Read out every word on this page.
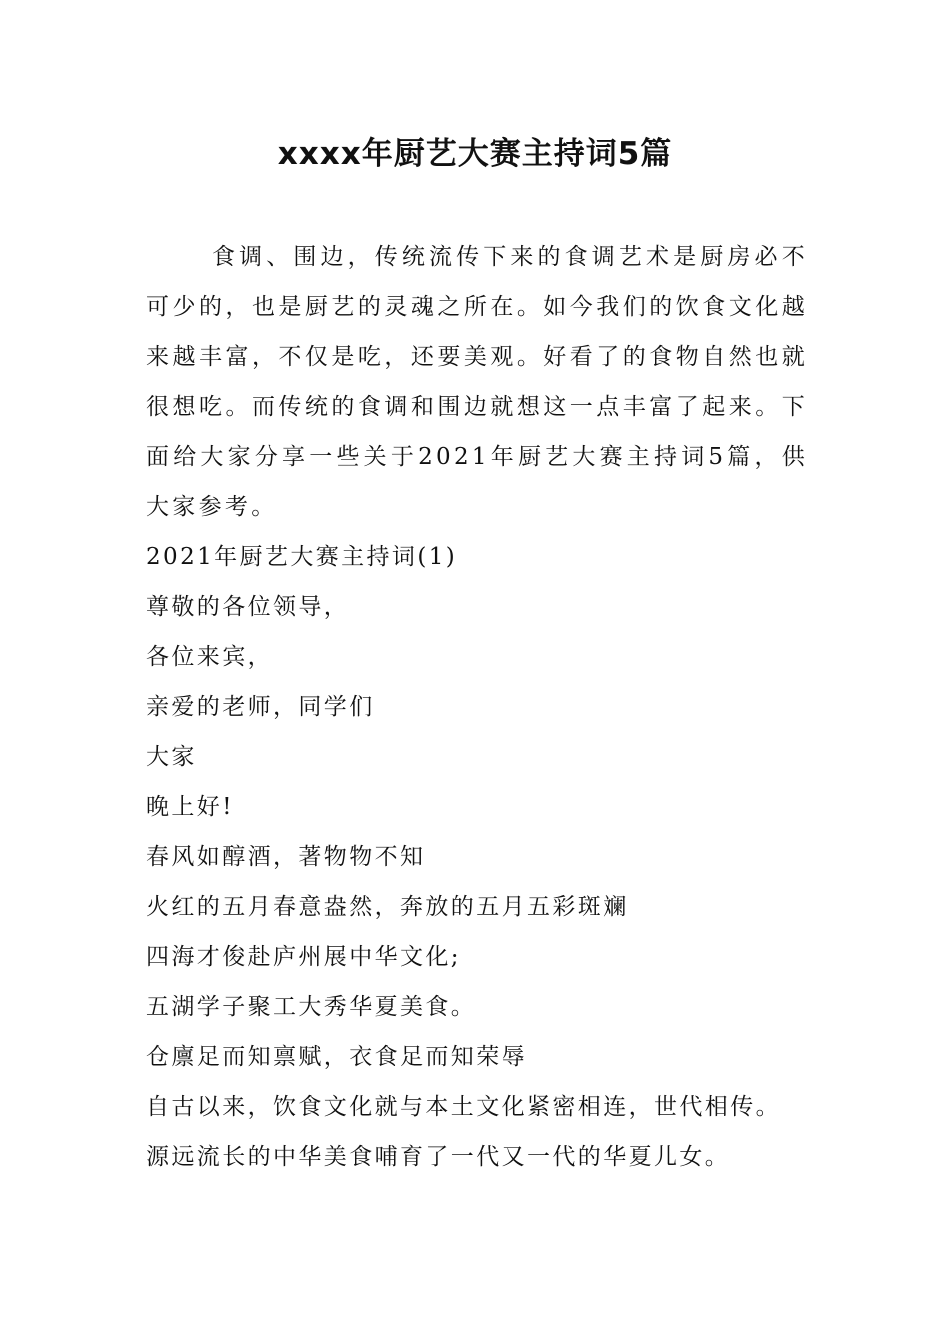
xxxx年厨艺大赛主持词5篇

食调、围边，传统流传下来的食调艺术是厨房必不可少的，也是厨艺的灵魂之所在。如今我们的饮食文化越来越丰富，不仅是吃，还要美观。好看了的食物自然也就很想吃。而传统的食调和围边就想这一点丰富了起来。下面给大家分享一些关于2021年厨艺大赛主持词5篇，供大家参考。

2021年厨艺大赛主持词(1)
尊敬的各位领导，
各位来宾，
亲爱的老师，同学们
大家
晚上好!
春风如醇酒，著物物不知
火红的五月春意盎然，奔放的五月五彩斑斓
四海才俊赴庐州展中华文化;
五湖学子聚工大秀华夏美食。
仓廪足而知禀赋，衣食足而知荣辱
自古以来，饮食文化就与本土文化紧密相连，世代相传。
源远流长的中华美食哺育了一代又一代的华夏儿女。
